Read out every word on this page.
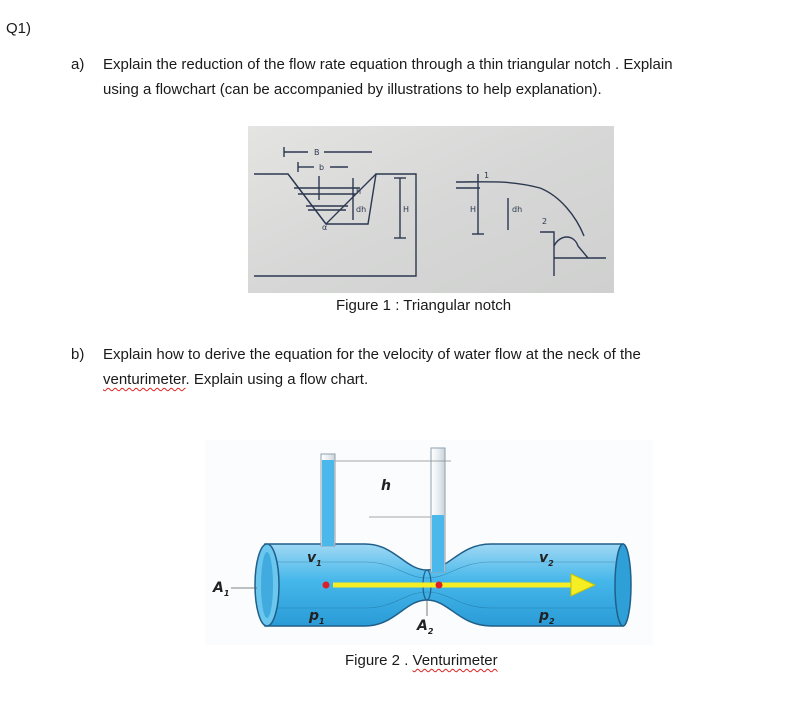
Q1)
a) Explain the reduction of the flow rate equation through a thin triangular notch . Explain
using a flowchart (can be accompanied by illustrations to help explanation).
B
b
h
dh	H
α
1
H	dh
2
Figure 1 : Triangular notch
b) Explain how to derive the equation for the velocity of water flow at the neck of the
venturimeter. Explain using a flow chart.
h
$v_1$	$v_2$
$p_1$	$p_2$
$A_1$
$A_2$
Figure 2 . Venturimeter
